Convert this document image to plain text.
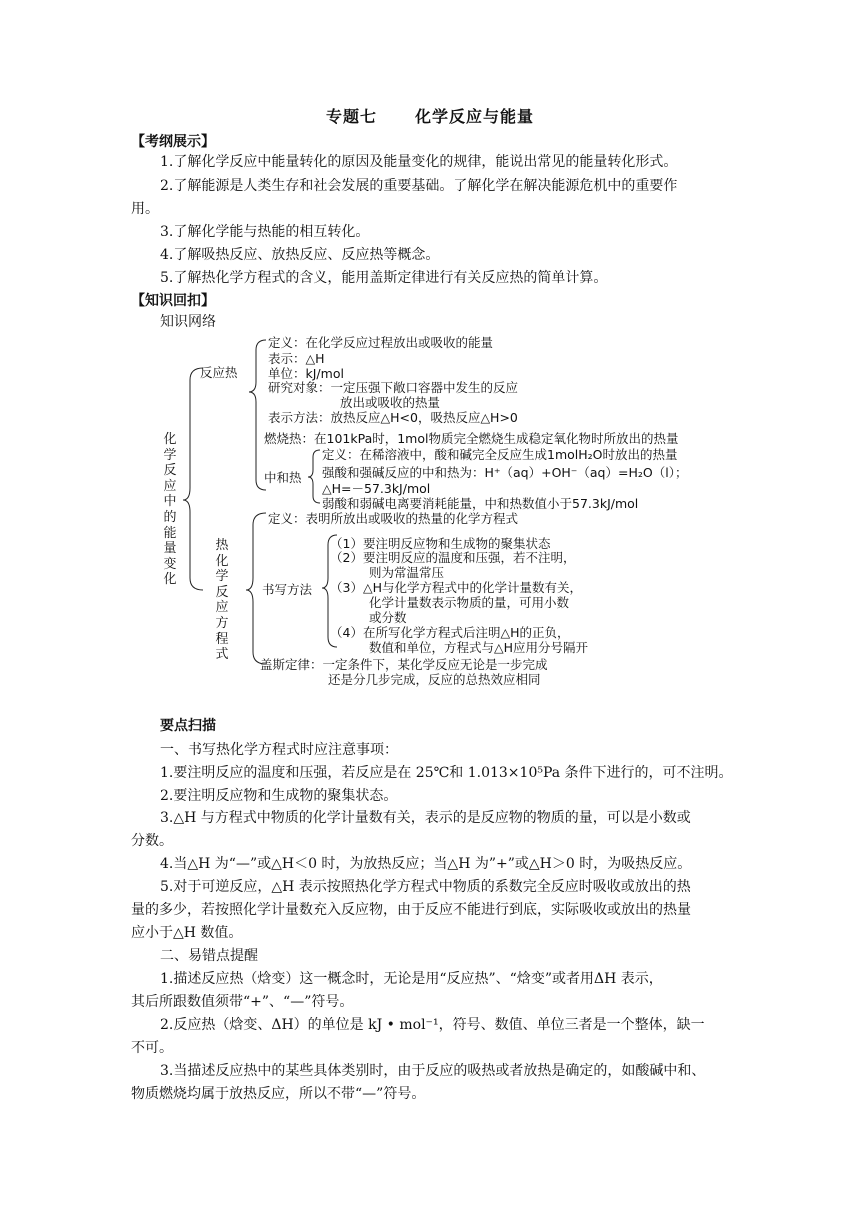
专题七 化学反应与能量
【考纲展示】
1.了解化学反应中能量转化的原因及能量变化的规律，能说出常见的能量转化形式。
2.了解能源是人类生存和社会发展的重要基础。了解化学在解决能源危机中的重要作
用。
3.了解化学能与热能的相互转化。
4.了解吸热反应、放热反应、反应热等概念。
5.了解热化学方程式的含义，能用盖斯定律进行有关反应热的简单计算。
【知识回扣】
知识网络
化学反应中的能量变化
热化学反应方程式
反应热
定义：在化学反应过程放出或吸收的能量
表示：△H
单位：kJ/mol
研究对象：一定压强下敞口容器中发生的反应
放出或吸收的热量
表示方法：放热反应△H<0，吸热反应△H>0
燃烧热：在101kPa时，1mol物质完全燃烧生成稳定氧化物时所放出的热量
中和热
定义：在稀溶液中，酸和碱完全反应生成1molH₂O时放出的热量
强酸和强碱反应的中和热为：H⁺（aq）+OH⁻（aq）=H₂O（l）；
△H=－57.3kJ/mol
弱酸和弱碱电离要消耗能量，中和热数值小于57.3kJ/mol
定义：表明所放出或吸收的热量的化学方程式
书写方法
（1）要注明反应物和生成物的聚集状态
（2）要注明反应的温度和压强，若不注明，
则为常温常压
（3）△H与化学方程式中的化学计量数有关，
化学计量数表示物质的量，可用小数
或分数
（4）在所写化学方程式后注明△H的正负，
数值和单位，方程式与△H应用分号隔开
盖斯定律：一定条件下，某化学反应无论是一步完成
还是分几步完成，反应的总热效应相同
要点扫描
一、书写热化学方程式时应注意事项：
1.要注明反应的温度和压强，若反应是在 25℃和 1.013×10⁵Pa 条件下进行的，可不注明。
2.要注明反应物和生成物的聚集状态。
3.△H 与方程式中物质的化学计量数有关，表示的是反应物的物质的量，可以是小数或
分数。
4.当△H 为“—”或△H＜0 时，为放热反应；当△H 为”+”或△H＞0 时，为吸热反应。
5.对于可逆反应，△H 表示按照热化学方程式中物质的系数完全反应时吸收或放出的热
量的多少，若按照化学计量数充入反应物，由于反应不能进行到底，实际吸收或放出的热量
应小于△H 数值。
二、易错点提醒
1.描述反应热（焓变）这一概念时，无论是用“反应热”、“焓变”或者用ΔH 表示，
其后所跟数值须带“+”、“—”符号。
2.反应热（焓变、ΔH）的单位是 kJ • mol⁻¹，符号、数值、单位三者是一个整体，缺一
不可。
3.当描述反应热中的某些具体类别时，由于反应的吸热或者放热是确定的，如酸碱中和、
物质燃烧均属于放热反应，所以不带“—”符号。
